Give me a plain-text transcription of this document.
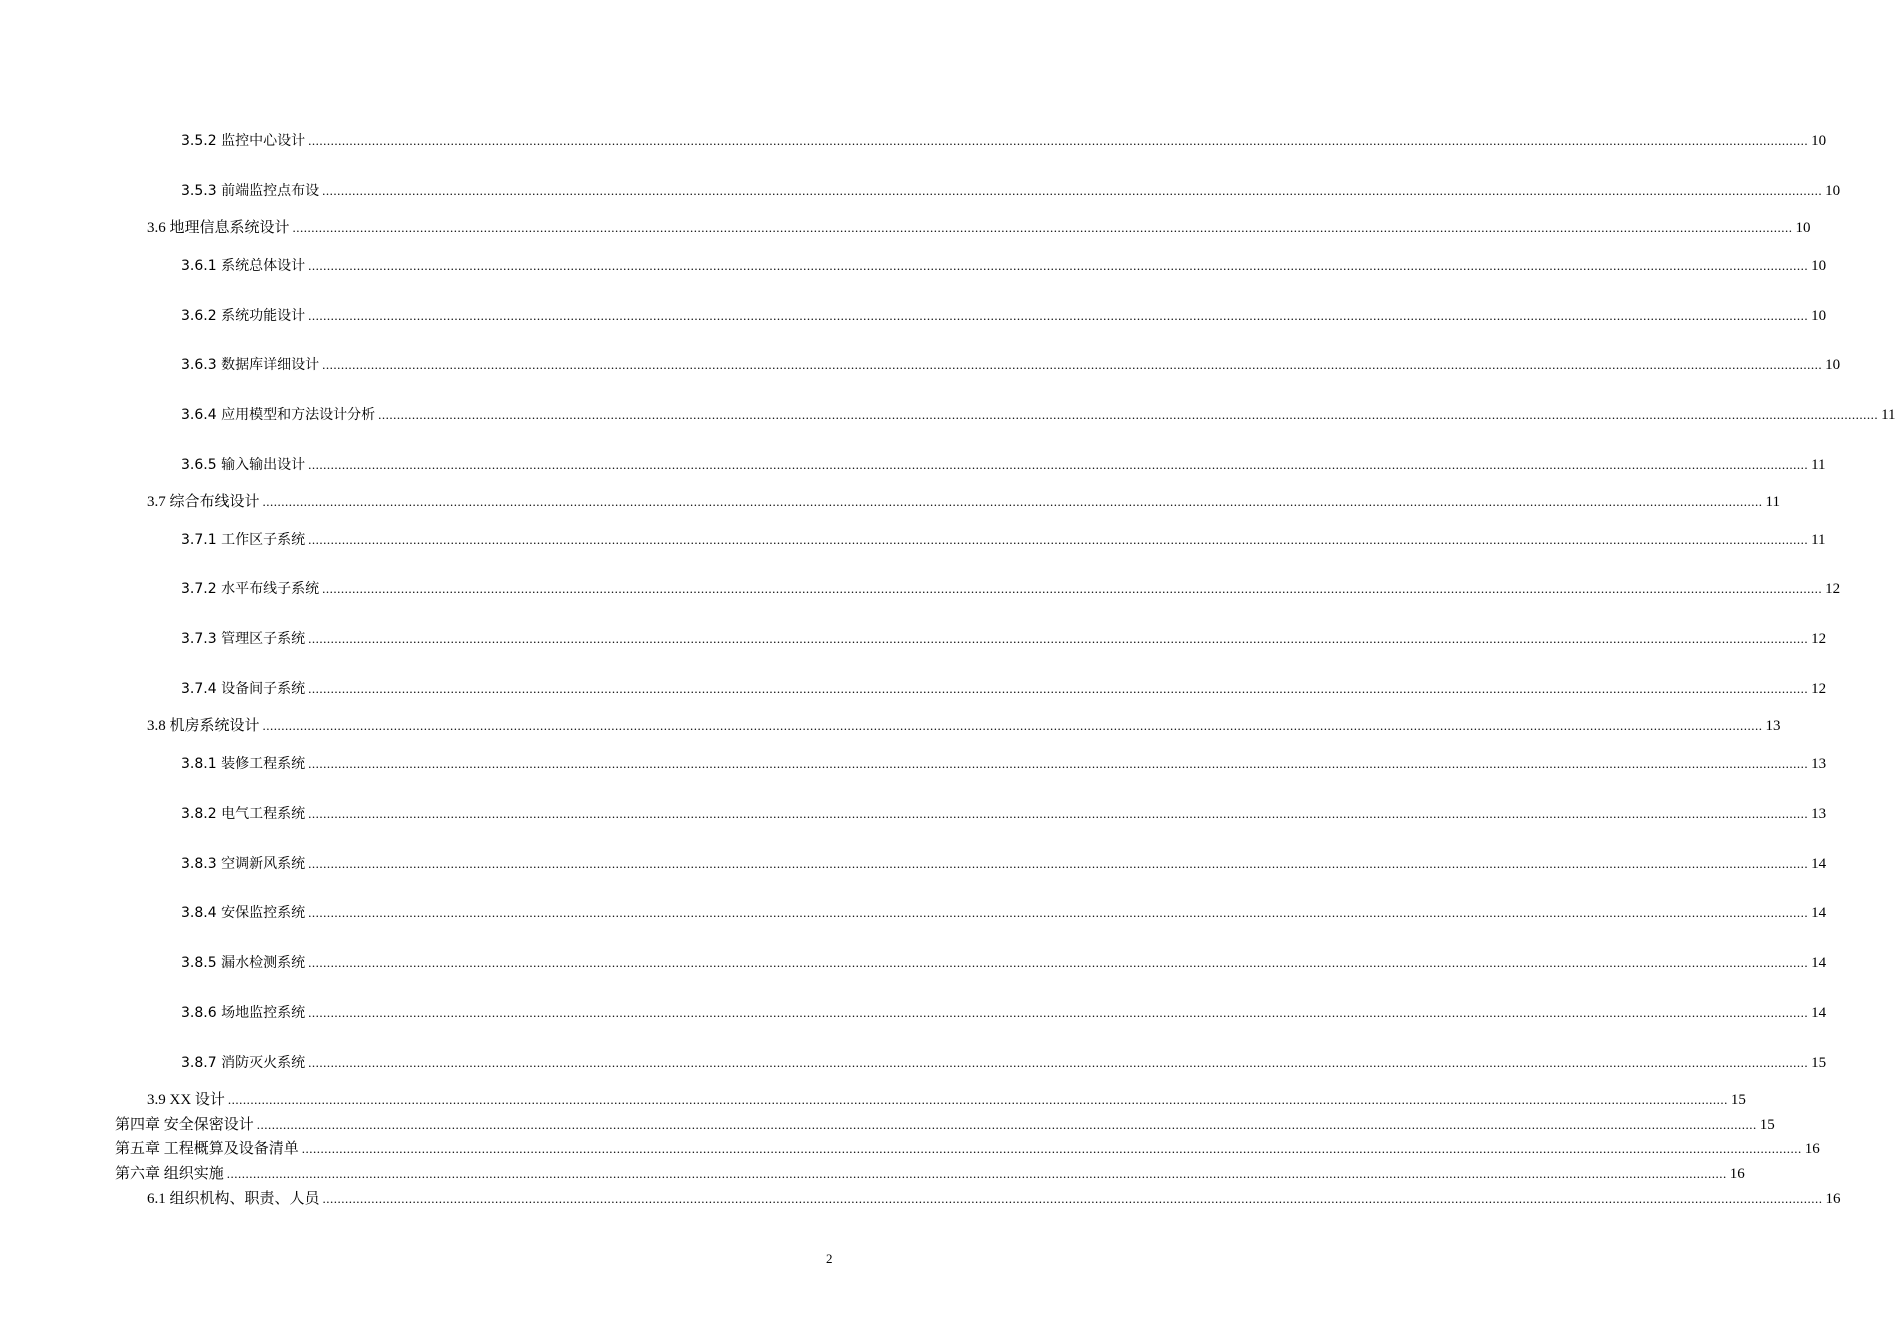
3.5.2 监控中心设计 ................................................................................................................................................................................................................................................................................................................................................................................................................ 10
3.5.3 前端监控点布设 ................................................................................................................................................................................................................................................................................................................................................................................................................ 10
3.6 地理信息系统设计 ................................................................................................................................................................................................................................................................................................................................................................................................................ 10
3.6.1 系统总体设计 ................................................................................................................................................................................................................................................................................................................................................................................................................ 10
3.6.2 系统功能设计 ................................................................................................................................................................................................................................................................................................................................................................................................................ 10
3.6.3 数据库详细设计 ................................................................................................................................................................................................................................................................................................................................................................................................................ 10
3.6.4 应用模型和方法设计分析 ................................................................................................................................................................................................................................................................................................................................................................................................................ 11
3.6.5 输入输出设计 ................................................................................................................................................................................................................................................................................................................................................................................................................ 11
3.7 综合布线设计 ................................................................................................................................................................................................................................................................................................................................................................................................................ 11
3.7.1 工作区子系统 ................................................................................................................................................................................................................................................................................................................................................................................................................ 11
3.7.2 水平布线子系统 ................................................................................................................................................................................................................................................................................................................................................................................................................ 12
3.7.3 管理区子系统 ................................................................................................................................................................................................................................................................................................................................................................................................................ 12
3.7.4 设备间子系统 ................................................................................................................................................................................................................................................................................................................................................................................................................ 12
3.8 机房系统设计 ................................................................................................................................................................................................................................................................................................................................................................................................................ 13
3.8.1 装修工程系统 ................................................................................................................................................................................................................................................................................................................................................................................................................ 13
3.8.2 电气工程系统 ................................................................................................................................................................................................................................................................................................................................................................................................................ 13
3.8.3 空调新风系统 ................................................................................................................................................................................................................................................................................................................................................................................................................ 14
3.8.4 安保监控系统 ................................................................................................................................................................................................................................................................................................................................................................................................................ 14
3.8.5 漏水检测系统 ................................................................................................................................................................................................................................................................................................................................................................................................................ 14
3.8.6 场地监控系统 ................................................................................................................................................................................................................................................................................................................................................................................................................ 14
3.8.7 消防灭火系统 ................................................................................................................................................................................................................................................................................................................................................................................................................ 15
3.9 XX 设计 ................................................................................................................................................................................................................................................................................................................................................................................................................ 15
第四章 安全保密设计 ................................................................................................................................................................................................................................................................................................................................................................................................................ 15
第五章 工程概算及设备清单 ................................................................................................................................................................................................................................................................................................................................................................................................................ 16
第六章 组织实施 ................................................................................................................................................................................................................................................................................................................................................................................................................ 16
6.1 组织机构、职责、人员 ................................................................................................................................................................................................................................................................................................................................................................................................................ 16
2
